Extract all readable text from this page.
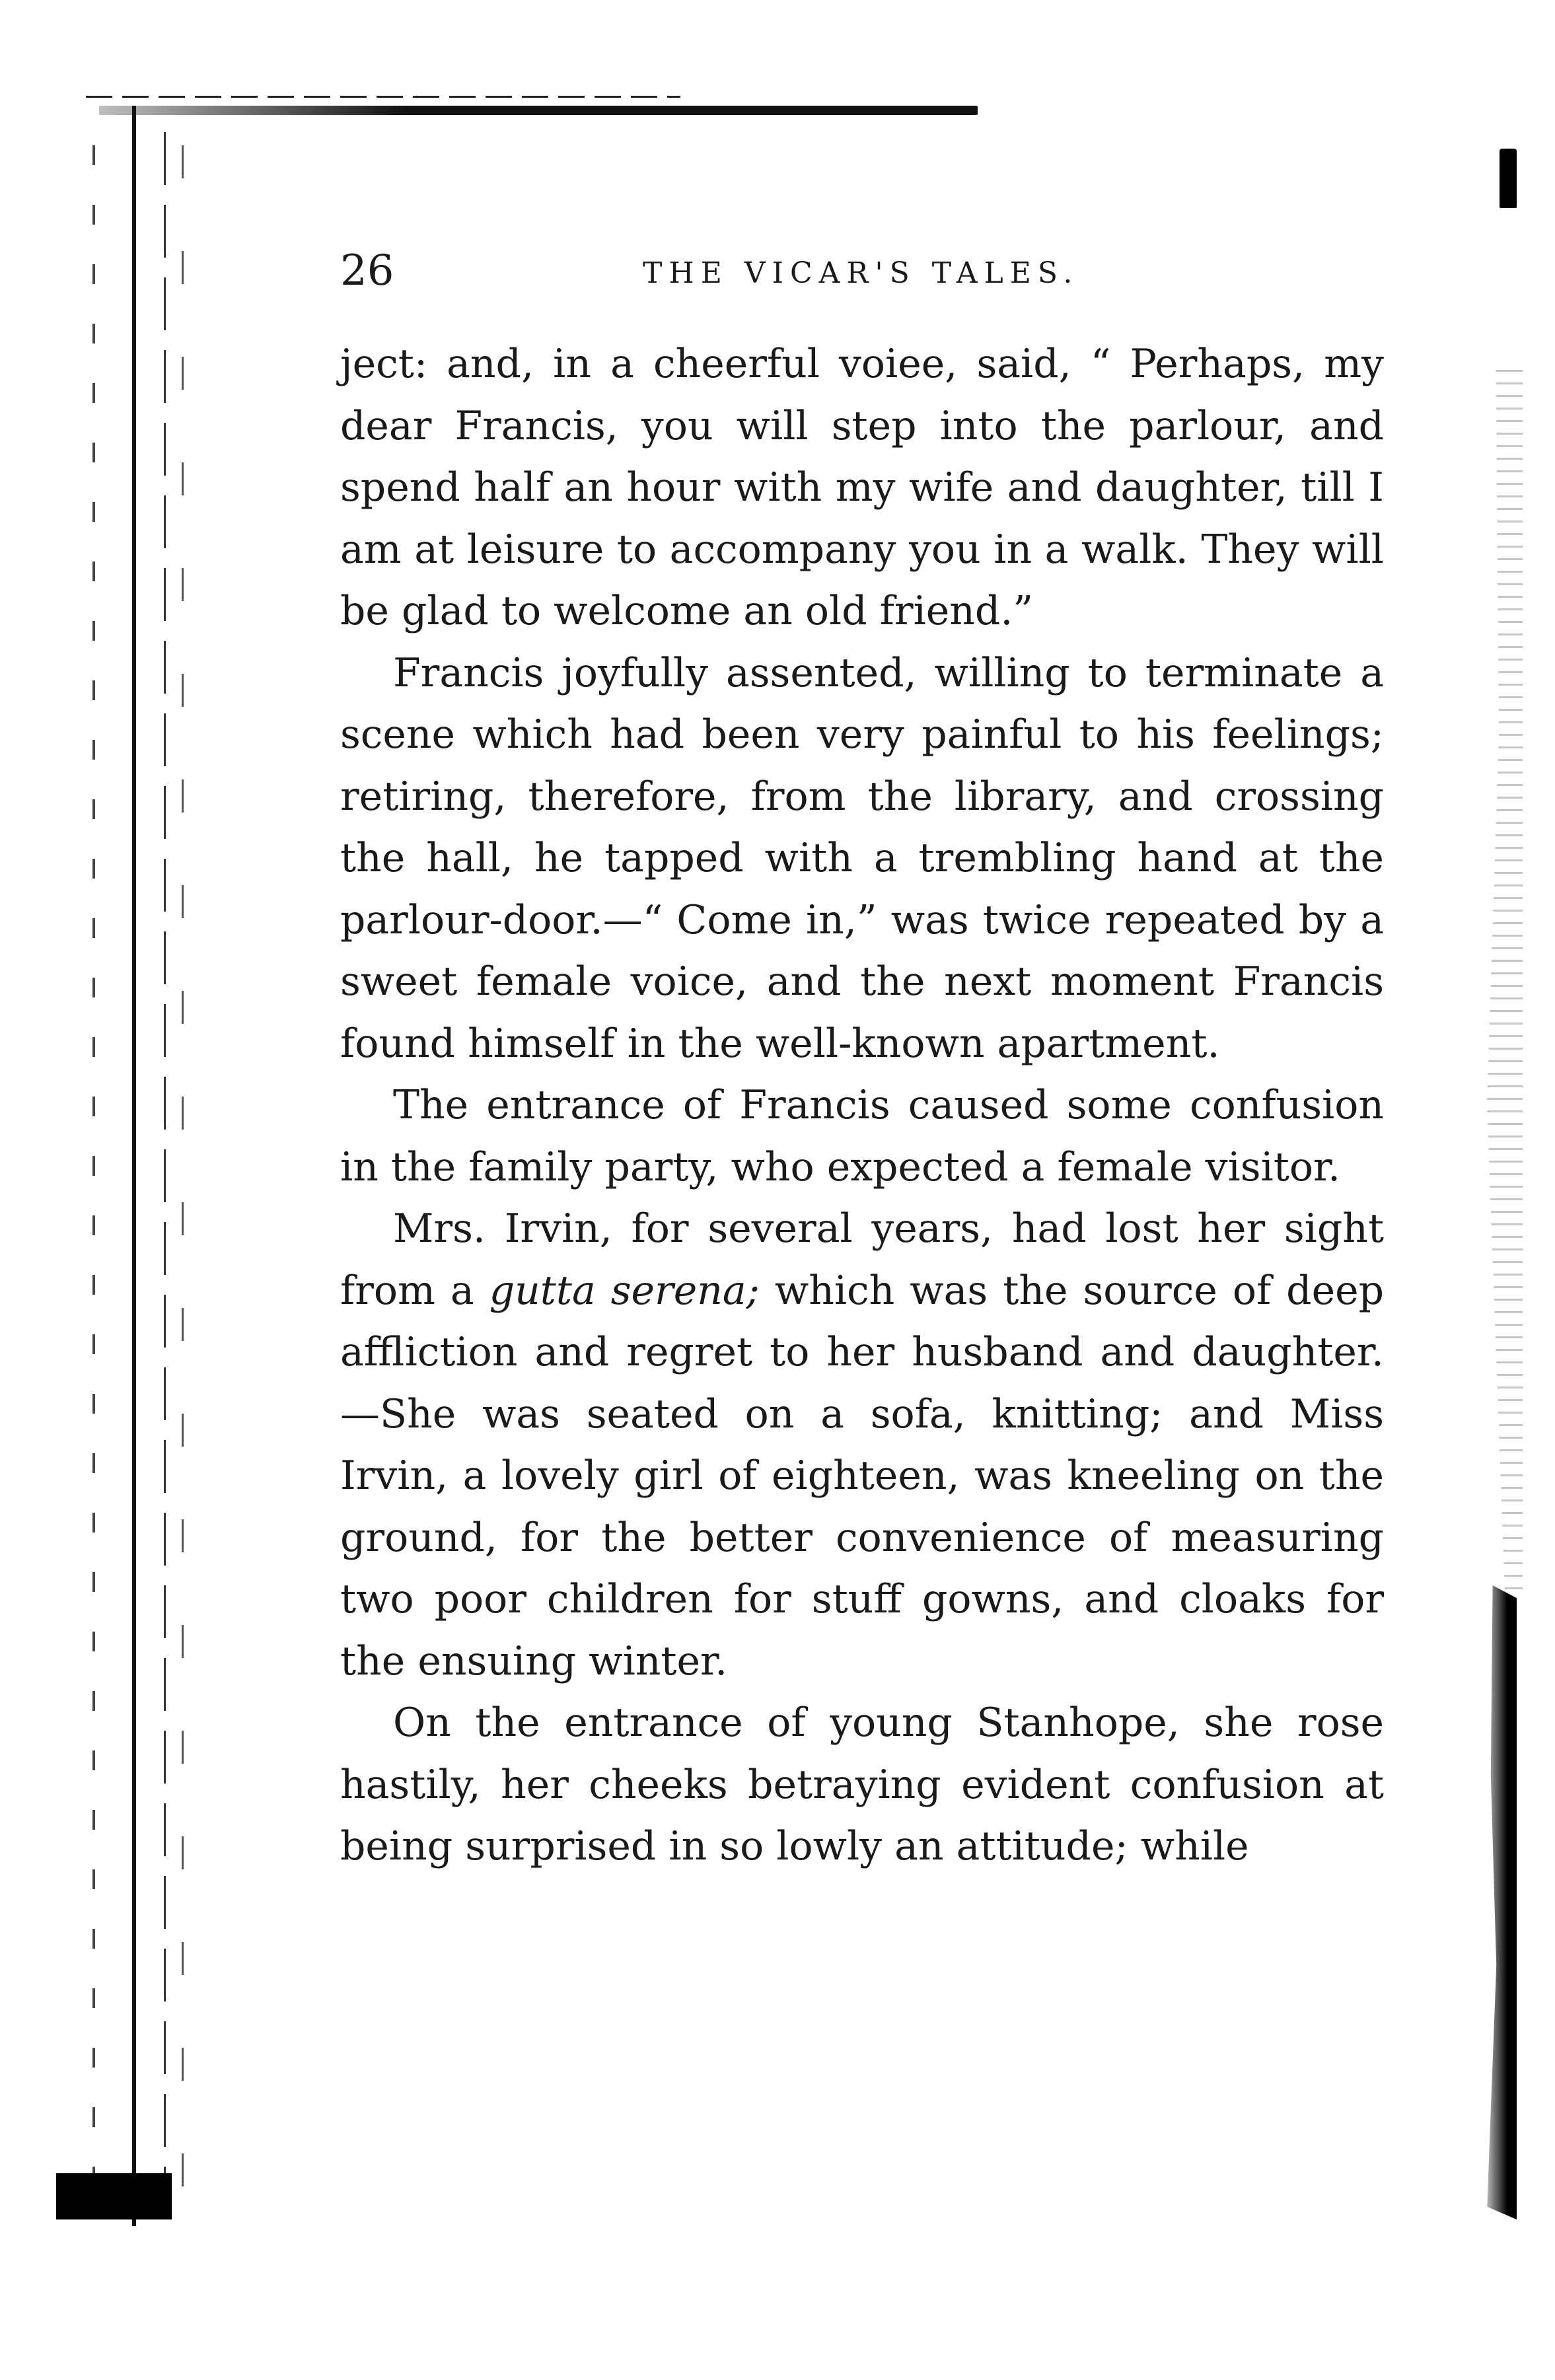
26	THE VICAR'S TALES.

ject: and, in a cheerful voiee, said, “ Perhaps, my dear Francis, you will step into the parlour, and spend half an hour with my wife and daughter, till I am at leisure to accompany you in a walk. They will be glad to welcome an old friend.”

Francis joyfully assented, willing to terminate a scene which had been very painful to his feelings; retiring, therefore, from the library, and crossing the hall, he tapped with a trembling hand at the parlour-door.—“ Come in,” was twice repeated by a sweet female voice, and the next moment Francis found himself in the well-known apartment.

The entrance of Francis caused some confusion in the family party, who expected a female visitor.

Mrs. Irvin, for several years, had lost her sight from a gutta serena; which was the source of deep affliction and regret to her husband and daughter. —She was seated on a sofa, knitting; and Miss Irvin, a lovely girl of eighteen, was kneeling on the ground, for the better convenience of measuring two poor children for stuff gowns, and cloaks for the ensuing winter.

On the entrance of young Stanhope, she rose hastily, her cheeks betraying evident confusion at being surprised in so lowly an attitude; while
